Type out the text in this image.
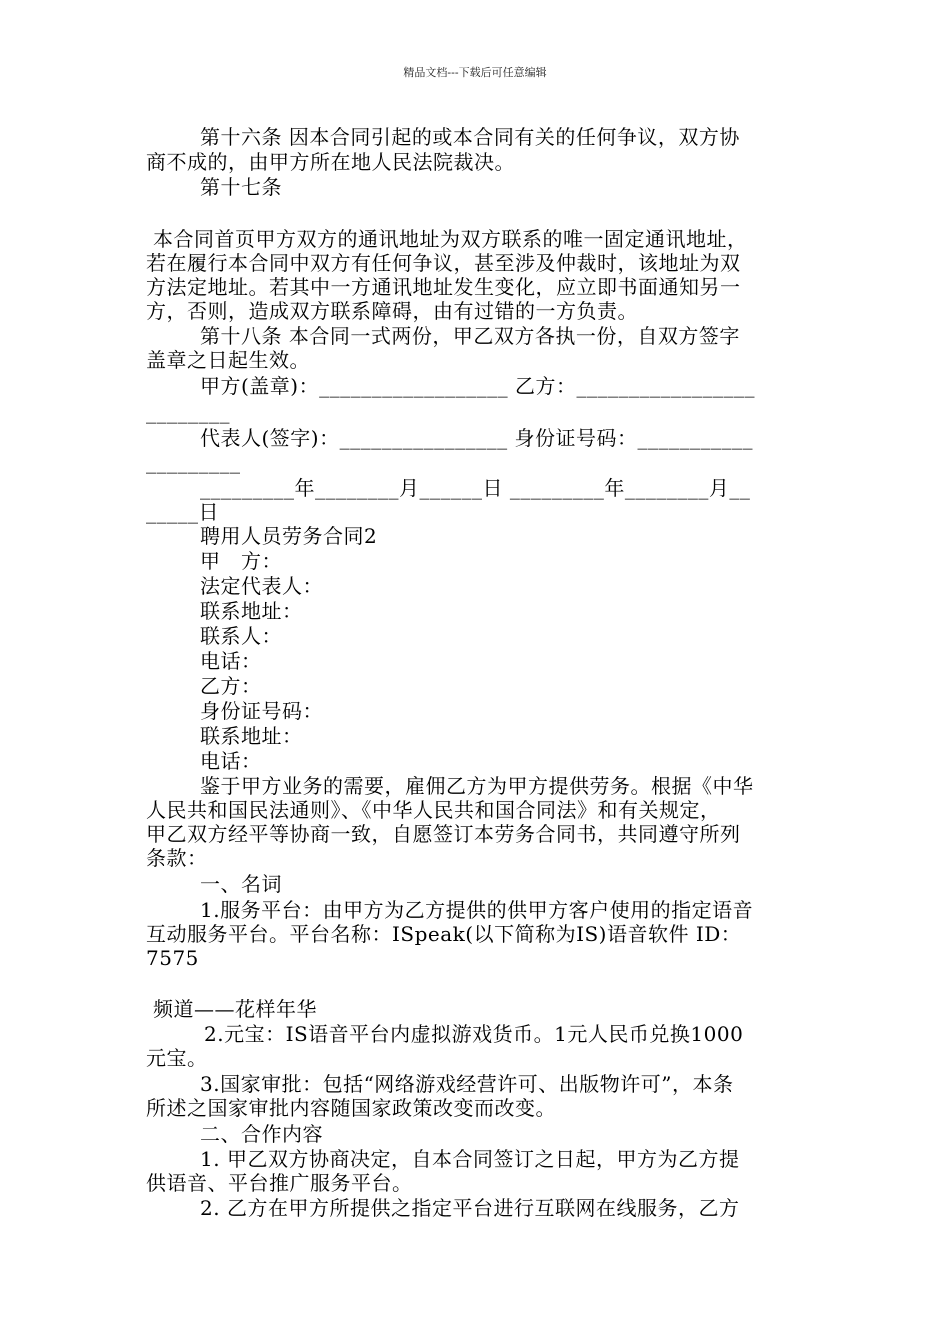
精品文档---下载后可任意编辑
第十六条 因本合同引起的或本合同有关的任何争议，双方协
商不成的，由甲方所在地人民法院裁决。
第十七条
本合同首页甲方双方的通讯地址为双方联系的唯一固定通讯地址，
若在履行本合同中双方有任何争议，甚至涉及仲裁时，该地址为双
方法定地址。若其中一方通讯地址发生变化，应立即书面通知另一
方，否则，造成双方联系障碍，由有过错的一方负责。
第十八条 本合同一式两份，甲乙双方各执一份，自双方签字
盖章之日起生效。
甲方(盖章)：__________________ 乙方：_________________
________
代表人(签字)：________________ 身份证号码：___________
_________
_________年________月______日 _________年________月__
_____日
聘用人员劳务合同2
甲　方：
法定代表人：
联系地址：
联系人：
电话：
乙方：
身份证号码：
联系地址：
电话：
鉴于甲方业务的需要，雇佣乙方为甲方提供劳务。根据《中华
人民共和国民法通则》、《中华人民共和国合同法》和有关规定，
甲乙双方经平等协商一致，自愿签订本劳务合同书，共同遵守所列
条款：
一、名词
1.服务平台：由甲方为乙方提供的供甲方客户使用的指定语音
互动服务平台。平台名称：ISpeak(以下简称为IS)语音软件 ID：
7575
频道——花样年华
2.元宝：IS语音平台内虚拟游戏货币。1元人民币兑换1000
元宝。
3.国家审批：包括“网络游戏经营许可、出版物许可”，本条
所述之国家审批内容随国家政策改变而改变。
二、合作内容
1. 甲乙双方协商决定，自本合同签订之日起，甲方为乙方提
供语音、平台推广服务平台。
2. 乙方在甲方所提供之指定平台进行互联网在线服务，乙方
